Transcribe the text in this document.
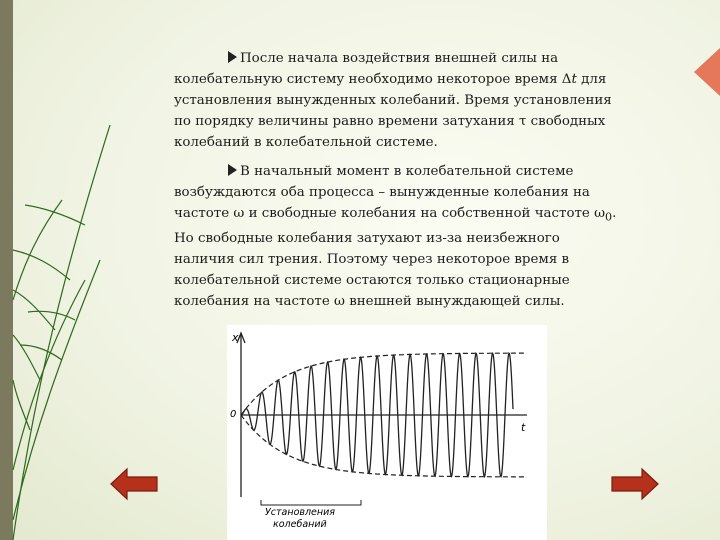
После начала воздействия внешней силы на
колебательную систему необходимо некоторое время Δt для
установления вынужденных колебаний. Время установления
по порядку величины равно времени затухания τ свободных
колебаний в колебательной системе.
В начальный момент в колебательной системе
возбуждаются оба процесса – вынужденные колебания на
частоте ω и свободные колебания на собственной частоте $\omega_0$.
Но свободные колебания затухают из-за неизбежного
наличия сил трения. Поэтому через некоторое время в
колебательной системе остаются только стационарные
колебания на частоте ω внешней вынуждающей силы.
x
t
0
Установления
колебаний
